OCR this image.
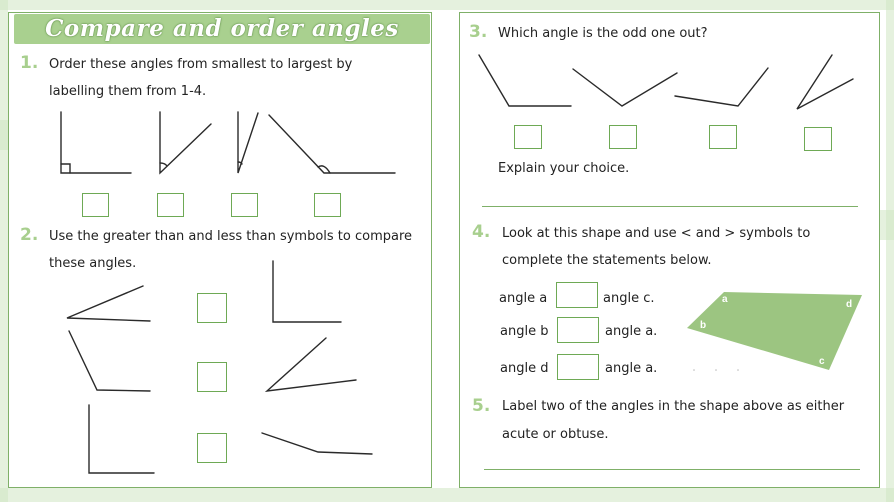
Compare and order angles
1. Order these angles from smallest to largest by
labelling them from 1-4.
2. Use the greater than and less than symbols to compare
these angles.
3. Which angle is the odd one out?
Explain your choice.
4. Look at this shape and use < and > symbols to
complete the statements below.
angle a	angle c.
angle b	angle a.
angle d	angle a.
5. Label two of the angles in the shape above as either
acute or obtuse.
a
b
c
d
